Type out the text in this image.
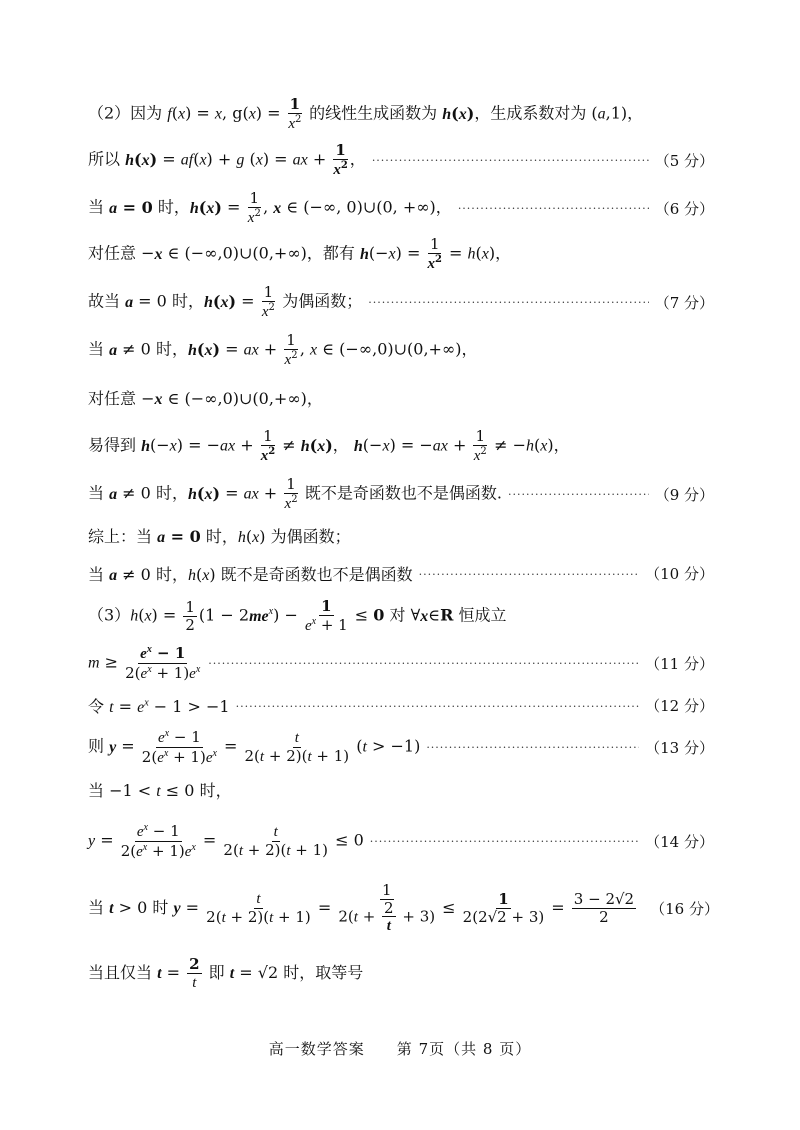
（2）因为 f(x) = x, $g(x) = \frac{1}{x^2}$ 的线性生成函数为 h(x)，生成系数对为 (a,1)，
所以 h(x) = af(x) + g (x) = ax + $\frac{1}{x^2}$ ， .....	（5 分）
当 a = 0 时，$h(x) = \frac{1}{x^2}$ , x ∈ (−∞, 0)∪(0, +∞)， .....	（6 分）
对任意 −x ∈ (−∞,0)∪(0,+∞)，都有 $h(-x) = \frac{1}{x^2} = h(x)$，
故当 a = 0 时，$h(x) = \frac{1}{x^2}$ 为偶函数； .....	（7 分）
当 a ≠ 0 时，h(x) = ax + $\frac{1}{x^2}$ , x ∈ (−∞,0)∪(0,+∞)，
对任意 −x ∈ (−∞,0)∪(0,+∞)，
易得到 $h(-x) = -ax + \frac{1}{x^2} \ne h(x)$， $h(-x) = -ax + \frac{1}{x^2} \ne -h(x)$，
当 a ≠ 0 时，h(x) = ax + $\frac{1}{x^2}$ 既不是奇函数也不是偶函数. .....	（9 分）
综上：当 a = 0 时，h(x) 为偶函数；
当 a ≠ 0 时，h(x) 既不是奇函数也不是偶函数 .....	（10 分）
$(3)h(x) = \frac{1}{2} (1 - 2me^x) - \frac{1}{e^x + 1} \le 0$ 对 ∀x∈R 恒成立
$m \ge \frac{e^x - 1}{2(e^x + 1)e^x}$ .....	（11 分）
令 $t = e^x - 1 > -1$ .....	（12 分）
则 $y = \frac{e^x - 1}{2(e^x + 1)e^x} = \frac{t}{2(t + 2)(t + 1)} (t > -1)$ .....	（13 分）
当 −1 < t ≤ 0 时，
$y = \frac{e^x - 1}{2(e^x + 1)e^x} = \frac{t}{2(t + 2)(t + 1)} \le 0$ .....	（14 分）
当 t > 0 时 $y = \frac{t}{2(t + 2)(t + 1)} = \frac{1}{2(t + \frac{2}{t} + 3)} \le \frac{1}{2(2√2 + 3)} = \frac{3 - 2√2}{2} (16$ 分）
当且仅当 $t = \frac{2}{t}$ 即 t = √2 时，取等号
高一数学答案　　第 7页（共 8 页）
